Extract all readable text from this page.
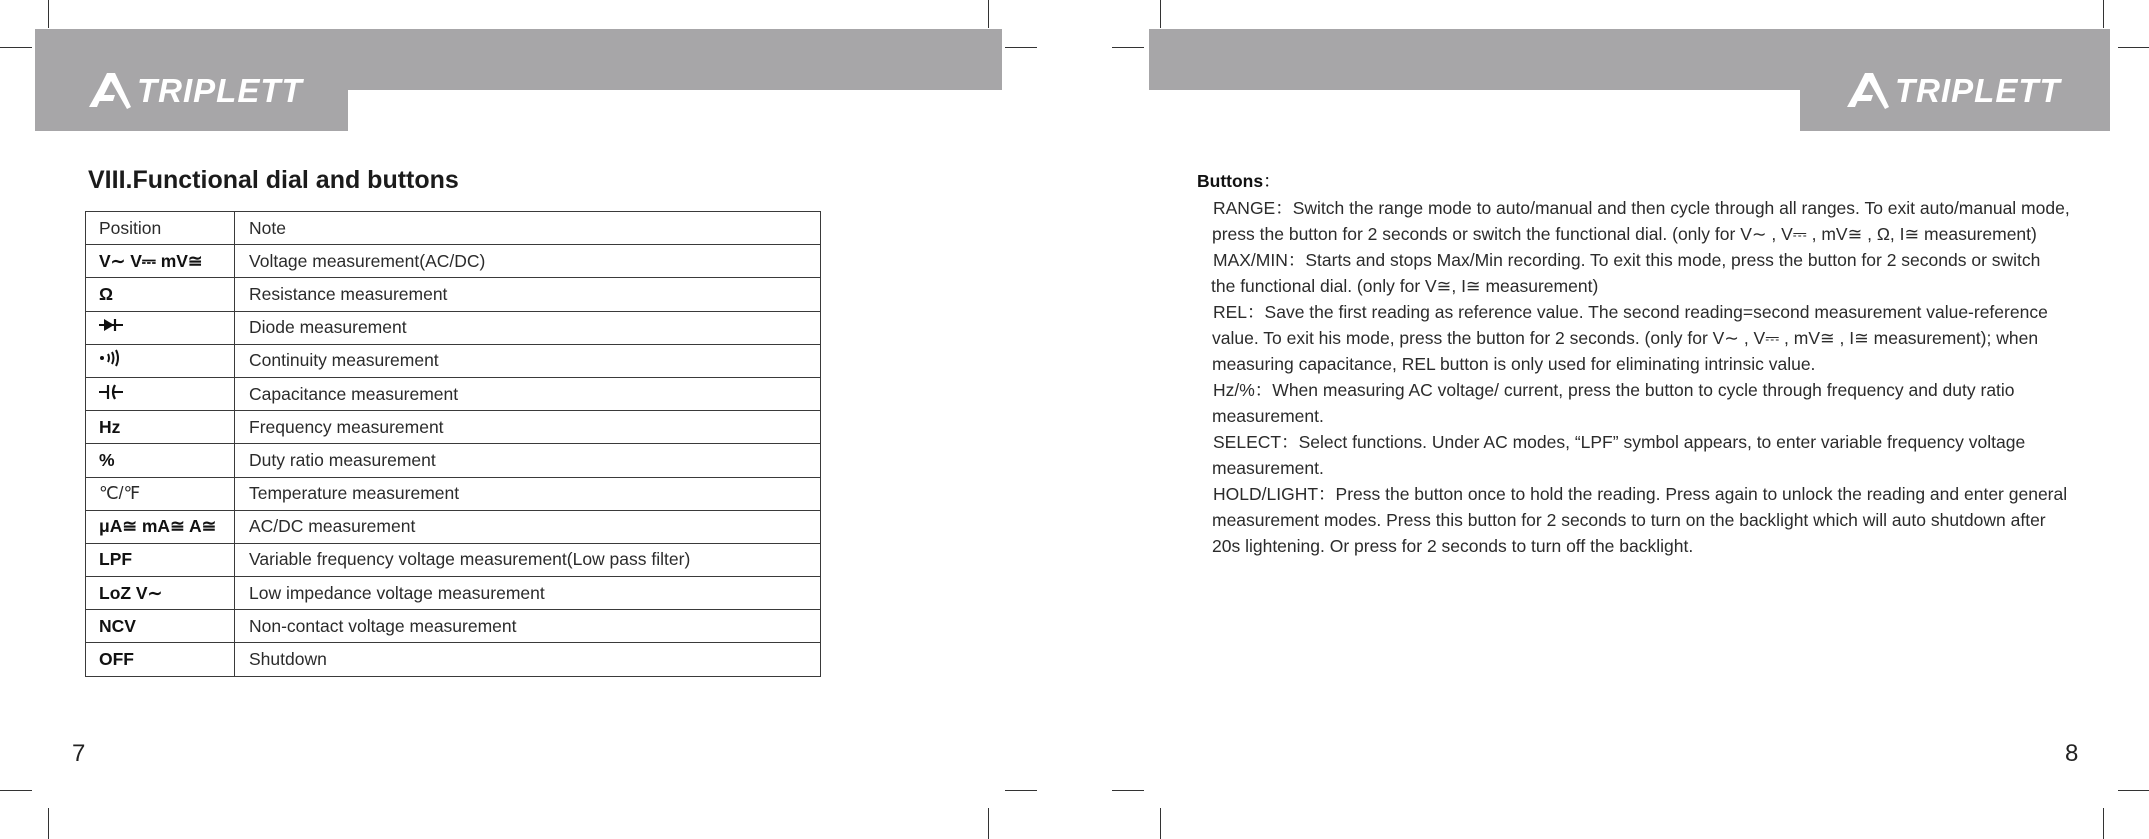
TRIPLETT
VIII.Functional dial and buttons
Position	Note
V∼ V⎓ mV≅	Voltage measurement(AC/DC)
Ω	Resistance measurement
	Diode measurement
	Continuity measurement
	Capacitance measurement
Hz	Frequency measurement
%	Duty ratio measurement
℃/℉	Temperature measurement
μA≅ mA≅ A≅	AC/DC measurement
LPF	Variable frequency voltage measurement(Low pass filter)
LoZ V∼	Low impedance voltage measurement
NCV	Non-contact voltage measurement
OFF	Shutdown
7
TRIPLETT
Buttons：

RANGE：Switch the range mode to auto/manual and then cycle through all ranges. To exit auto/manual mode,
press the button for 2 seconds or switch the functional dial. (only for V∼ , V⎓ , mV≅ , Ω, I≅ measurement)

MAX/MIN：Starts and stops Max/Min recording. To exit this mode, press the button for 2 seconds or switch
the functional dial. (only for V≅, I≅ measurement)

REL：Save the first reading as reference value. The second reading=second measurement value-reference
value. To exit his mode, press the button for 2 seconds. (only for V∼ , V⎓ , mV≅ , I≅ measurement); when
measuring capacitance, REL button is only used for eliminating intrinsic value.

Hz/%：When measuring AC voltage/ current, press the button to cycle through frequency and duty ratio
measurement.

SELECT：Select functions. Under AC modes, “LPF” symbol appears, to enter variable frequency voltage
measurement.

HOLD/LIGHT：Press the button once to hold the reading. Press again to unlock the reading and enter general
measurement modes. Press this button for 2 seconds to turn on the backlight which will auto shutdown after
20s lightening. Or press for 2 seconds to turn off the backlight.

8
